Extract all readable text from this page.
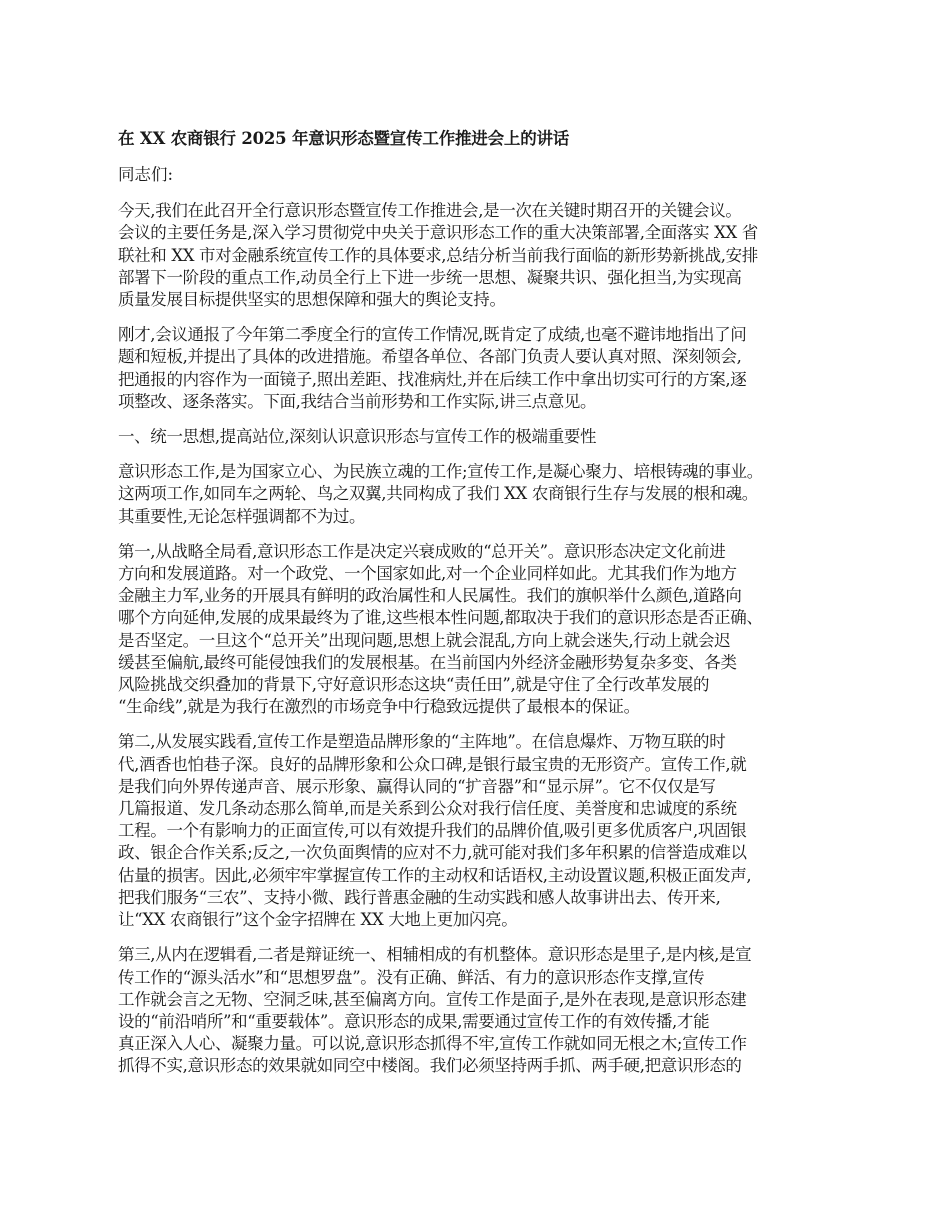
在 XX 农商银行 2025 年意识形态暨宣传工作推进会上的讲话
同志们:
今天,我们在此召开全行意识形态暨宣传工作推进会,是一次在关键时期召开的关键会议。
会议的主要任务是,深入学习贯彻党中央关于意识形态工作的重大决策部署,全面落实 XX 省
联社和 XX 市对金融系统宣传工作的具体要求,总结分析当前我行面临的新形势新挑战,安排
部署下一阶段的重点工作,动员全行上下进一步统一思想、凝聚共识、强化担当,为实现高
质量发展目标提供坚实的思想保障和强大的舆论支持。
刚才,会议通报了今年第二季度全行的宣传工作情况,既肯定了成绩,也毫不避讳地指出了问
题和短板,并提出了具体的改进措施。希望各单位、各部门负责人要认真对照、深刻领会,
把通报的内容作为一面镜子,照出差距、找准病灶,并在后续工作中拿出切实可行的方案,逐
项整改、逐条落实。下面,我结合当前形势和工作实际,讲三点意见。
一、统一思想,提高站位,深刻认识意识形态与宣传工作的极端重要性
意识形态工作,是为国家立心、为民族立魂的工作;宣传工作,是凝心聚力、培根铸魂的事业。
这两项工作,如同车之两轮、鸟之双翼,共同构成了我们 XX 农商银行生存与发展的根和魂。
其重要性,无论怎样强调都不为过。
第一,从战略全局看,意识形态工作是决定兴衰成败的“总开关”。意识形态决定文化前进
方向和发展道路。对一个政党、一个国家如此,对一个企业同样如此。尤其我们作为地方
金融主力军,业务的开展具有鲜明的政治属性和人民属性。我们的旗帜举什么颜色,道路向
哪个方向延伸,发展的成果最终为了谁,这些根本性问题,都取决于我们的意识形态是否正确、
是否坚定。一旦这个“总开关”出现问题,思想上就会混乱,方向上就会迷失,行动上就会迟
缓甚至偏航,最终可能侵蚀我们的发展根基。在当前国内外经济金融形势复杂多变、各类
风险挑战交织叠加的背景下,守好意识形态这块“责任田”,就是守住了全行改革发展的
“生命线”,就是为我行在激烈的市场竞争中行稳致远提供了最根本的保证。
第二,从发展实践看,宣传工作是塑造品牌形象的“主阵地”。在信息爆炸、万物互联的时
代,酒香也怕巷子深。良好的品牌形象和公众口碑,是银行最宝贵的无形资产。宣传工作,就
是我们向外界传递声音、展示形象、赢得认同的“扩音器”和“显示屏”。它不仅仅是写
几篇报道、发几条动态那么简单,而是关系到公众对我行信任度、美誉度和忠诚度的系统
工程。一个有影响力的正面宣传,可以有效提升我们的品牌价值,吸引更多优质客户,巩固银
政、银企合作关系;反之,一次负面舆情的应对不力,就可能对我们多年积累的信誉造成难以
估量的损害。因此,必须牢牢掌握宣传工作的主动权和话语权,主动设置议题,积极正面发声,
把我们服务“三农”、支持小微、践行普惠金融的生动实践和感人故事讲出去、传开来,
让“XX 农商银行”这个金字招牌在 XX 大地上更加闪亮。
第三,从内在逻辑看,二者是辩证统一、相辅相成的有机整体。意识形态是里子,是内核,是宣
传工作的“源头活水”和“思想罗盘”。没有正确、鲜活、有力的意识形态作支撑,宣传
工作就会言之无物、空洞乏味,甚至偏离方向。宣传工作是面子,是外在表现,是意识形态建
设的“前沿哨所”和“重要载体”。意识形态的成果,需要通过宣传工作的有效传播,才能
真正深入人心、凝聚力量。可以说,意识形态抓得不牢,宣传工作就如同无根之木;宣传工作
抓得不实,意识形态的效果就如同空中楼阁。我们必须坚持两手抓、两手硬,把意识形态的
